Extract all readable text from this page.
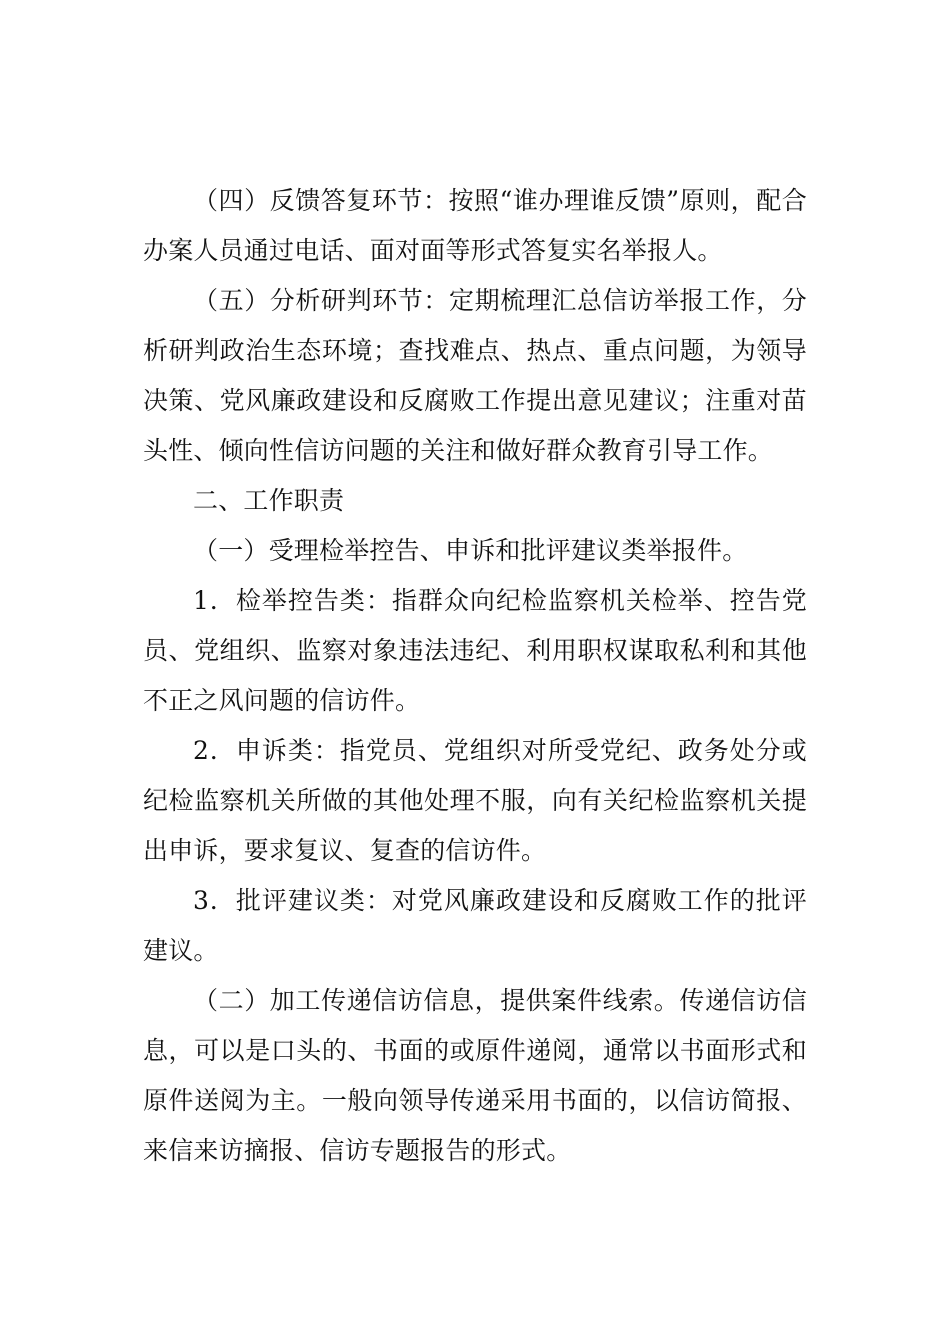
（四）反馈答复环节：按照“谁办理谁反馈”原则，配合办案人员通过电话、面对面等形式答复实名举报人。

（五）分析研判环节：定期梳理汇总信访举报工作，分析研判政治生态环境；查找难点、热点、重点问题，为领导决策、党风廉政建设和反腐败工作提出意见建议；注重对苗头性、倾向性信访问题的关注和做好群众教育引导工作。

二、工作职责

（一）受理检举控告、申诉和批评建议类举报件。

1．检举控告类：指群众向纪检监察机关检举、控告党员、党组织、监察对象违法违纪、利用职权谋取私利和其他不正之风问题的信访件。

2．申诉类：指党员、党组织对所受党纪、政务处分或纪检监察机关所做的其他处理不服，向有关纪检监察机关提出申诉，要求复议、复查的信访件。

3．批评建议类：对党风廉政建设和反腐败工作的批评建议。

（二）加工传递信访信息，提供案件线索。传递信访信息，可以是口头的、书面的或原件递阅，通常以书面形式和原件送阅为主。一般向领导传递采用书面的，以信访简报、来信来访摘报、信访专题报告的形式。
